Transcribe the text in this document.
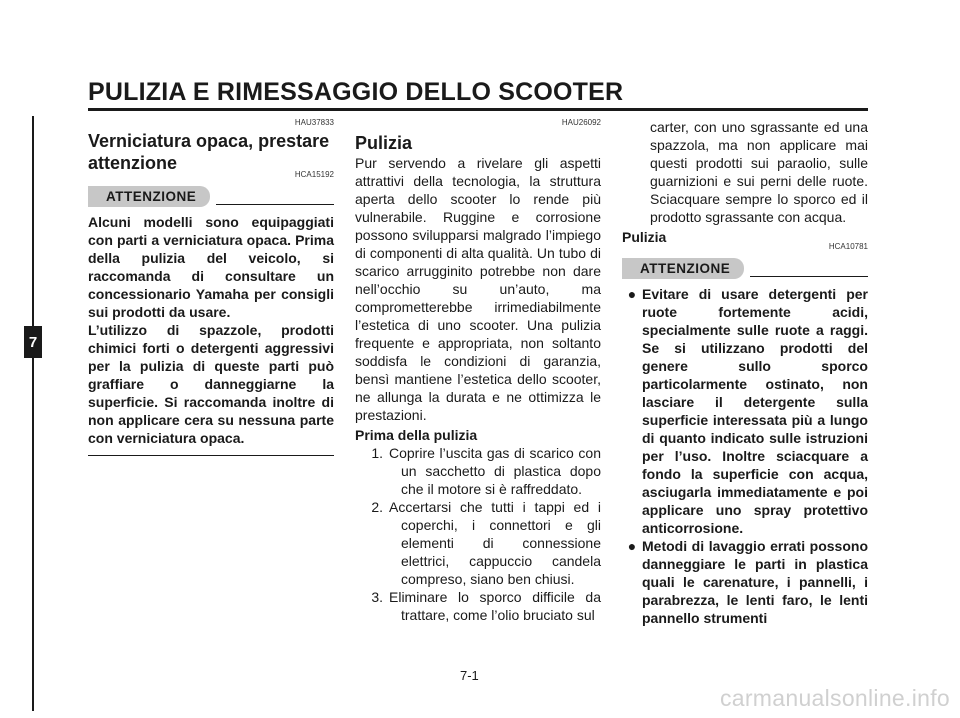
PULIZIA E RIMESSAGGIO DELLO SCOOTER
7
HAU37833
Verniciatura opaca, prestare attenzione
HCA15192
ATTENZIONE

Alcuni modelli sono equipaggiati con parti a verniciatura opaca. Prima della pulizia del veicolo, si raccomanda di consultare un concessionario Yamaha per consigli sui prodotti da usare.

L’utilizzo di spazzole, prodotti chimici forti o detergenti aggressivi per la pulizia di queste parti può graffiare o danneggiarne la superficie. Si raccomanda inoltre di non applicare cera su nessuna parte con verniciatura opaca.

HAU26092
Pulizia

Pur servendo a rivelare gli aspetti attrattivi della tecnologia, la struttura aperta dello scooter lo rende più vulnerabile. Ruggine e corrosione possono svilupparsi malgrado l’impiego di componenti di alta qualità. Un tubo di scarico arrugginito potrebbe non dare nell’occhio su un’auto, ma comprometterebbe irrimediabilmente l’estetica di uno scooter. Una pulizia frequente e appropriata, non soltanto soddisfa le condizioni di garanzia, bensì mantiene l’estetica dello scooter, ne allunga la durata e ne ottimizza le prestazioni.

Prima della pulizia
1. Coprire l’uscita gas di scarico con un sacchetto di plastica dopo che il motore si è raffreddato.
2. Accertarsi che tutti i tappi ed i coperchi, i connettori e gli elementi di connessione elettrici, cappuccio candela compreso, siano ben chiusi.
3. Eliminare lo sporco difficile da trattare, come l’olio bruciato sul

carter, con uno sgrassante ed una spazzola, ma non applicare mai questi prodotti sui paraolio, sulle guarnizioni e sui perni delle ruote. Sciacquare sempre lo sporco ed il prodotto sgrassante con acqua.

Pulizia
HCA10781
ATTENZIONE
● Evitare di usare detergenti per ruote fortemente acidi, specialmente sulle ruote a raggi. Se si utilizzano prodotti del genere sullo sporco particolarmente ostinato, non lasciare il detergente sulla superficie interessata più a lungo di quanto indicato sulle istruzioni per l’uso. Inoltre sciacquare a fondo la superficie con acqua, asciugarla immediatamente e poi applicare uno spray protettivo anticorrosione.
● Metodi di lavaggio errati possono danneggiare le parti in plastica quali le carenature, i pannelli, i parabrezza, le lenti faro, le lenti pannello strumenti
7-1
carmanualsonline.info
